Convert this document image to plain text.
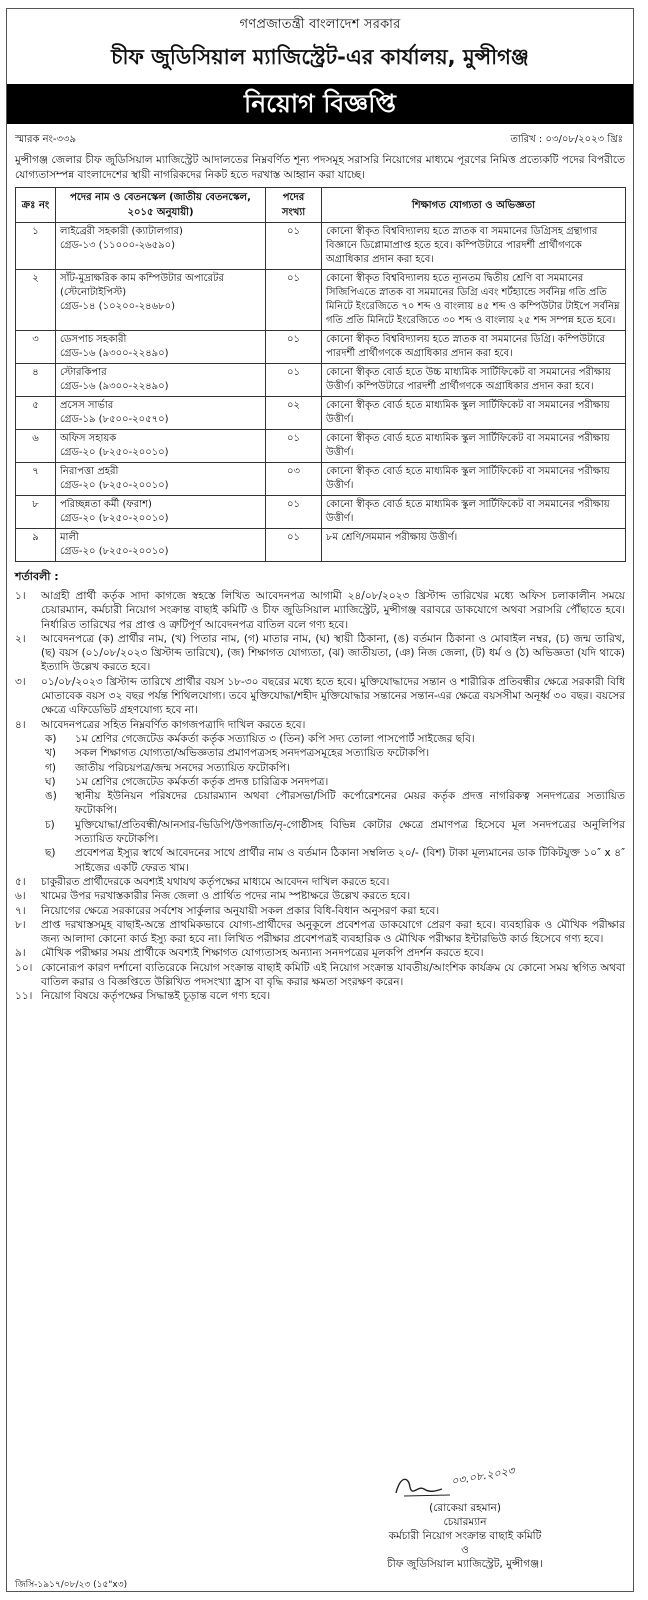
গণপ্রজাতন্ত্রী বাংলাদেশ সরকার
চীফ জুডিসিয়াল ম্যাজিস্ট্রেট-এর কার্যালয়, মুন্সীগঞ্জ
নিয়োগ বিজ্ঞপ্তি
স্মারক নং-৩৩৯	তারিখ : ০৩/০৮/২০২৩ খ্রিঃ
মুন্সীগঞ্জ জেলার চীফ জুডিসিয়াল ম্যাজিস্ট্রেট আদালতের নিম্নবর্ণিত শূন্য পদসমূহ সরাসরি নিয়োগের মাধ্যমে পূরণের নিমিত্ত প্রত্যেকটি পদের বিপরীতে যোগ্যতাসম্পন্ন বাংলাদেশের স্থায়ী নাগরিকদের নিকট হতে দরখাস্ত আহ্বান করা যাচ্ছে।
ক্রঃ নং	পদের নাম ও বেতনস্কেল (জাতীয় বেতনস্কেল, ২০১৫ অনুযায়ী)	পদের সংখ্যা	শিক্ষাগত যোগ্যতা ও অভিজ্ঞতা
১	লাইব্রেরী সহকারী (ক্যাটালগার)
গ্রেড-১৩ (১১০০০-২৬৫৯০)	০১	কোনো স্বীকৃত বিশ্ববিদ্যালয় হতে স্নাতক বা সমমানের ডিগ্রিসহ গ্রন্থাগার বিজ্ঞানে ডিপ্লোমাপ্রাপ্ত হতে হবে। কম্পিউটারে পারদর্শী প্রার্থীগণকে অগ্রাধিকার প্রদান করা হবে।
২	সাঁট-মুদ্রাক্ষরিক কাম কম্পিউটার অপারেটর (স্টেনোটাইপিস্ট)
গ্রেড-১৪ (১০২০০-২৪৬৮০)	০১	কোনো স্বীকৃত বিশ্ববিদ্যালয় হতে ন্যূনতম দ্বিতীয় শ্রেণি বা সমমানের সিজিপিএতে স্নাতক বা সমমানের ডিগ্রি এবং শর্টহ্যান্ডে সর্বনিম্ন গতি প্রতি মিনিটে ইংরেজিতে ৭০ শব্দ ও বাংলায় ৪৫ শব্দ ও কম্পিউটার টাইপে সর্বনিম্ন গতি প্রতি মিনিটে ইংরেজিতে ৩০ শব্দ ও বাংলায় ২৫ শব্দ সম্পন্ন হতে হবে।
৩	ডেসপাচ সহকারী
গ্রেড-১৬ (৯৩০০-২২৪৯০)	০১	কোনো স্বীকৃত বিশ্ববিদ্যালয় হতে স্নাতক বা সমমানের ডিগ্রি। কম্পিউটারে পারদর্শী প্রার্থীগণকে অগ্রাধিকার প্রদান করা হবে।
৪	স্টোরকিপার
গ্রেড-১৬ (৯৩০০-২২৪৯০)	০১	কোনো স্বীকৃত বোর্ড হতে উচ্চ মাধ্যমিক সার্টিফিকেট বা সমমানের পরীক্ষায় উত্তীর্ণ। কম্পিউটারে পারদর্শী প্রার্থীগণকে অগ্রাধিকার প্রদান করা হবে।
৫	প্রসেস সার্ভার
গ্রেড-১৯ (৮৫০০-২০৫৭০)	০২	কোনো স্বীকৃত বোর্ড হতে মাধ্যমিক স্কুল সার্টিফিকেট বা সমমানের পরীক্ষায় উত্তীর্ণ।
৬	অফিস সহায়ক
গ্রেড-২০ (৮২৫০-২০০১০)	০১	কোনো স্বীকৃত বোর্ড হতে মাধ্যমিক স্কুল সার্টিফিকেট বা সমমানের পরীক্ষায় উত্তীর্ণ।
৭	নিরাপত্তা প্রহরী
গ্রেড-২০ (৮২৫০-২০০১০)	০৩	কোনো স্বীকৃত বোর্ড হতে মাধ্যমিক স্কুল সার্টিফিকেট বা সমমানের পরীক্ষায় উত্তীর্ণ।
৮	পরিচ্ছন্নতা কর্মী (ফরাশ)
গ্রেড-২০ (৮২৫০-২০০১০)	০১	কোনো স্বীকৃত বোর্ড হতে মাধ্যমিক স্কুল সার্টিফিকেট বা সমমানের পরীক্ষায় উত্তীর্ণ।
৯	মালী
গ্রেড-২০ (৮২৫০-২০০১০)	০১	৮ম শ্রেণি/সমমান পরীক্ষায় উত্তীর্ণ।
শর্তাবলী :
১।	আগ্রহী প্রার্থী কর্তৃক সাদা কাগজে স্বহস্তে লিখিত আবেদনপত্র আগামী ২৪/০৮/২০২৩ খ্রিস্টাব্দ তারিখের মধ্যে অফিস চলাকালীন সময়ে চেয়ারম্যান, কর্মচারী নিয়োগ সংক্রান্ত বাছাই কমিটি ও চীফ জুডিসিয়াল ম্যাজিস্ট্রেট, মুন্সীগঞ্জ বরাবরে ডাকযোগে অথবা সরাসরি পৌঁছাতে হবে। নির্ধারিত তারিখের পর প্রাপ্ত ও ত্রুটিপূর্ণ আবেদনপত্র বাতিল বলে গণ্য হবে।
২।	আবেদনপত্রে (ক) প্রার্থীর নাম, (খ) পিতার নাম, (গ) মাতার নাম, (ঘ) স্থায়ী ঠিকানা, (ঙ) বর্তমান ঠিকানা ও মোবাইল নম্বর, (চ) জন্ম তারিখ, (ছ) বয়স (০১/০৮/২০২৩ খ্রিস্টাব্দ তারিখে), (জ) শিক্ষাগত যোগ্যতা, (ঝ) জাতীয়তা, (ঞ) নিজ জেলা, (ট) ধর্ম ও (ঠ) অভিজ্ঞতা (যদি থাকে) ইত্যাদি উল্লেখ করতে হবে।
৩।	০১/০৮/২০২৩ খ্রিস্টাব্দ তারিখে প্রার্থীর বয়স ১৮-৩০ বছরের মধ্যে হতে হবে। মুক্তিযোদ্ধাদের সন্তান ও শারীরিক প্রতিবন্ধীর ক্ষেত্রে সরকারী বিধি মোতাবেক বয়স ৩২ বছর পর্যন্ত শিথিলযোগ্য। তবে মুক্তিযোদ্ধা/শহীদ মুক্তিযোদ্ধার সন্তানের সন্তান-এর ক্ষেত্রে বয়সসীমা অনূর্ধ্ব ৩০ বছর। বয়সের ক্ষেত্রে এফিডেভিট গ্রহণযোগ্য হবে না।
৪।	আবেদনপত্রের সহিত নিম্নবর্ণিত কাগজপত্রাদি দাখিল করতে হবে।
ক)	১ম শ্রেণির গেজেটেড কর্মকর্তা কর্তৃক সত্যায়িত ৩ (তিন) কপি সদ্য তোলা পাসপোর্ট সাইজের ছবি।
খ)	সকল শিক্ষাগত যোগ্যতা/অভিজ্ঞতার প্রমাণপত্রসহ সনদপত্রসমূহের সত্যায়িত ফটোকপি।
গ)	জাতীয় পরিচয়পত্র/জন্ম সনদের সত্যায়িত ফটোকপি।
ঘ)	১ম শ্রেণির গেজেটেড কর্মকর্তা কর্তৃক প্রদত্ত চারিত্রিক সনদপত্র।
ঙ)	স্থানীয় ইউনিয়ন পরিষদের চেয়ারম্যান অথবা পৌরসভা/সিটি কর্পোরেশনের মেয়র কর্তৃক প্রদত্ত নাগরিকত্ব সনদপত্রের সত্যায়িত ফটোকপি।
চ)	মুক্তিযোদ্ধা/প্রতিবন্ধী/আনসার-ভিডিপি/উপজাতি/নৃ-গোষ্ঠীসহ বিভিন্ন কোটার ক্ষেত্রে প্রমাণপত্র হিসেবে মূল সনদপত্রের অনুলিপির সত্যায়িত ফটোকপি।
ছ)	প্রবেশপত্র ইস্যুর স্বার্থে আবেদনের সাথে প্রার্থীর নাম ও বর্তমান ঠিকানা সম্বলিত ২০/- (বিশ) টাকা মূল্যমানের ডাক টিকিটযুক্ত ১০″ x ৪″ সাইজের একটি ফেরত খাম।
৫।	চাকুরীরত প্রার্থীদেরকে অবশ্যই যথাযথ কর্তৃপক্ষের মাধ্যমে আবেদন দাখিল করতে হবে।
৬।	খামের উপর দরখাস্তকারীর নিজ জেলা ও প্রার্থিত পদের নাম স্পষ্টাক্ষরে উল্লেখ করতে হবে।
৭।	নিয়োগের ক্ষেত্রে সরকারের সর্বশেষ সার্কুলার অনুযায়ী সকল প্রকার বিধি-বিধান অনুসরণ করা হবে।
৮।	প্রাপ্ত দরখাস্তসমূহ বাছাই-অন্তে প্রাথমিকভাবে যোগ্য-প্রার্থীদের অনুকূলে প্রবেশপত্র ডাকযোগে প্রেরণ করা হবে। ব্যবহারিক ও মৌখিক পরীক্ষার জন্য আলাদা কোনো কার্ড ইস্যু করা হবে না। লিখিত পরীক্ষার প্রবেশপত্রই ব্যবহারিক ও মৌখিক পরীক্ষার ইন্টারভিউ কার্ড হিসেবে গণ্য হবে।
৯।	মৌখিক পরীক্ষার সময় প্রার্থীকে অবশ্যই শিক্ষাগত যোগ্যতাসহ অন্যান্য সনদপত্রের মূলকপি প্রদর্শন করতে হবে।
১০। কোনোরূপ কারণ দর্শানো ব্যতিরেকে নিয়োগ সংক্রান্ত বাছাই কমিটি এই নিয়োগ সংক্রান্ত যাবতীয়/আংশিক কার্যক্রম যে কোনো সময় স্থগিত অথবা বাতিল করার ও বিজ্ঞপ্তিতে উল্লিখিত পদসংখ্যা হ্রাস বা বৃদ্ধি করার ক্ষমতা সংরক্ষণ করেন।
১১। নিয়োগ বিষয়ে কর্তৃপক্ষের সিদ্ধান্তই চূড়ান্ত বলে গণ্য হবে।
০৩.০৮.২০২৩
(রোকেয়া রহমান)
চেয়ারম্যান
কর্মচারী নিয়োগ সংক্রান্ত বাছাই কমিটি
ও
চীফ জুডিসিয়াল ম্যাজিস্ট্রেট, মুন্সীগঞ্জ।
জিসি-১৯১৭/০৮/২৩ (১৫"x৩)
